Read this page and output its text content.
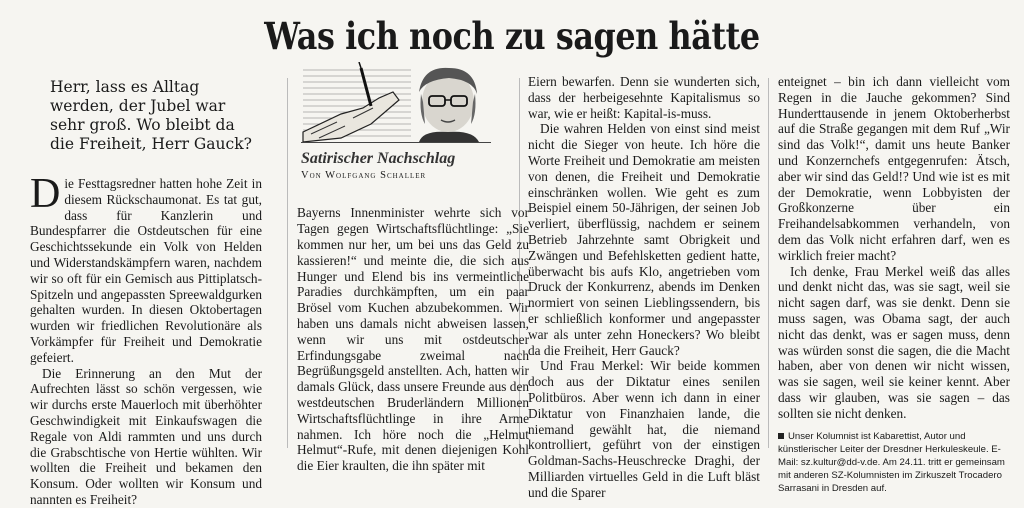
Was ich noch zu sagen hätte
Herr, lass es Alltag werden, der Jubel war sehr groß. Wo bleibt da die Freiheit, Herr Gauck?

Die Festtagsredner hatten hohe Zeit in diesem Rückschaumonat. Es tat gut, dass für Kanzlerin und Bundespfarrer die Ostdeutschen für eine Geschichtssekunde ein Volk von Helden und Widerstandskämpfern waren, nachdem wir so oft für ein Gemisch aus Pittiplatsch-Spitzeln und angepassten Spreewaldgurken gehalten wurden. In diesen Oktobertagen wurden wir friedlichen Revolutionäre als Vorkämpfer für Freiheit und Demokratie gefeiert.

Die Erinnerung an den Mut der Aufrechten lässt so schön vergessen, wie wir durchs erste Mauerloch mit überhöhter Geschwindigkeit mit Einkaufswagen die Regale von Aldi rammten und uns durch die Grabschtische von Hertie wühlten. Wir wollten die Freiheit und bekamen den Konsum. Oder wollten wir Konsum und nannten es Freiheit?

Satirischer Nachschlag
Von Wolfgang Schaller

Bayerns Innenminister wehrte sich vor Tagen gegen Wirtschaftsflüchtlinge: „Sie kommen nur her, um bei uns das Geld zu kassieren!“ und meinte die, die sich aus Hunger und Elend bis ins vermeintliche Paradies durchkämpften, um ein paar Brösel vom Kuchen abzubekommen. Wir haben uns damals nicht abweisen lassen, wenn wir uns mit ostdeutscher Erfindungsgabe zweimal nach Begrüßungsgeld anstellten. Ach, hatten wir damals Glück, dass unsere Freunde aus den westdeutschen Bruderländern Millionen Wirtschaftsflüchtlinge in ihre Arme nahmen. Ich höre noch die „Helmut Helmut“-Rufe, mit denen diejenigen Kohl die Eier kraulten, die ihn später mit

Eiern bewarfen. Denn sie wunderten sich, dass der herbeigesehnte Kapitalismus so war, wie er heißt: Kapital-is-muss.

Die wahren Helden von einst sind meist nicht die Sieger von heute. Ich höre die Worte Freiheit und Demokratie am meisten von denen, die Freiheit und Demokratie einschränken wollen. Wie geht es zum Beispiel einem 50-Jährigen, der seinen Job verliert, überflüssig, nachdem er seinem Betrieb Jahrzehnte samt Obrigkeit und Zwängen und Befehlsketten gedient hatte, überwacht bis aufs Klo, angetrieben vom Druck der Konkurrenz, abends im Denken normiert von seinen Lieblingssendern, bis er schließlich konformer und angepasster war als unter zehn Honeckers? Wo bleibt da die Freiheit, Herr Gauck?

Und Frau Merkel: Wir beide kommen doch aus der Diktatur eines senilen Politbüros. Aber wenn ich dann in einer Diktatur von Finanzhaien lande, die niemand gewählt hat, die niemand kontrolliert, geführt von der einstigen Goldman-Sachs-Heuschrecke Draghi, der Milliarden virtuelles Geld in die Luft bläst und die Sparer

enteignet – bin ich dann vielleicht vom Regen in die Jauche gekommen? Sind Hunderttausende in jenem Oktoberherbst auf die Straße gegangen mit dem Ruf „Wir sind das Volk!“, damit uns heute Banker und Konzernchefs entgegenrufen: Ätsch, aber wir sind das Geld!? Und wie ist es mit der Demokratie, wenn Lobbyisten der Großkonzerne über ein Freihandelsabkommen verhandeln, von dem das Volk nicht erfahren darf, wen es wirklich freier macht?

Ich denke, Frau Merkel weiß das alles und denkt nicht das, was sie sagt, weil sie nicht sagen darf, was sie denkt. Denn sie muss sagen, was Obama sagt, der auch nicht das denkt, was er sagen muss, denn was würden sonst die sagen, die die Macht haben, aber von denen wir nicht wissen, was sie sagen, weil sie keiner kennt. Aber dass wir glauben, was sie sagen – das sollten sie nicht denken.

Unser Kolumnist ist Kabarettist, Autor und künstlerischer Leiter der Dresdner Herkuleskeule. E-Mail: sz.kultur@dd-v.de. Am 24.11. tritt er gemeinsam mit anderen SZ-Kolumnisten im Zirkuszelt Trocadero Sarrasani in Dresden auf.
